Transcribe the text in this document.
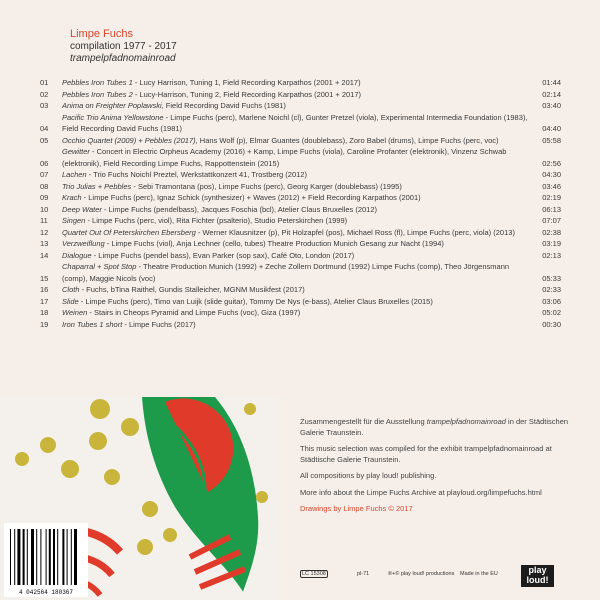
Limpe Fuchs
compilation 1977 - 2017
trampelpfadnomainroad
01	Pebbles Iron Tubes 1 - Lucy Harrison, Tuning 1, Field Recording Karpathos (2001 + 2017)	01:44
02	Pebbles Iron Tubes 2 - Lucy-Harrison, Tuning 2, Field Recording Karpathos (2001 + 2017)	02:14
03	Anima on Freighter Poplawski, Field Recording David Fuchs (1981)	03:40
04
Pacific Trio Anima Yellowstone - Limpe Fuchs (perc), Marlene Noichl (cl), Gunter Pretzel (viola), Experimental Intermedia Foundation (1983), Field Recording David Fuchs (1981)	04:40
05	Occhio Quartet (2009) + Pebbles (2017), Hans Wolf (p), Elmar Guantes (doublebass), Zoro Babel (drums), Limpe Fuchs (perc, voc)	05:58
06
Gewitter - Concert in Electric Orpheus Academy (2016) + Kamp, Limpe Fuchs (viola), Caroline Profanter (elektronik), Vinzenz Schwab (elektronik), Field Recording Limpe Fuchs, Rappottenstein (2015)	02:56
07	Lachen - Trio Fuchs Noichl Preztel, Werkstattkonzert 41, Trostberg (2012)	04:30
08	Trio Julias + Pebbles - Sebi Tramontana (pos), Limpe Fuchs (perc), Georg Karger (doublebass) (1995)	03:46
09	Krach - Limpe Fuchs (perc), Ignaz Schick (synthesizer) + Waves (2012) + Field Recording Karpathos (2001)	02:19
10	Deep Water - Limpe Fuchs (pendelbass), Jacques Foschia (bcl), Atelier Claus Bruxelles (2012)	06:13
11	Singen - Limpe Fuchs (perc, viol), Rita Fichter (psalterio), Studio Peterskirchen (1999)	07:07
12	Quartet Out Of Peterskirchen Ebersberg - Werner Klausnitzer (p), Pit Holzapfel (pos), Michael Ross (fl), Limpe Fuchs (perc, viola) (2013)	02:38
13	Verzweiflung - Limpe Fuchs (viol), Anja Lechner (cello, tubes) Theatre Production Munich Gesang zur Nacht (1994)	03:19
14	Dialogue - Limpe Fuchs (pendel bass), Evan Parker (sop sax), Café Oto, London (2017)	02:13
15
Chaparral + Spot Stop - Theatre Production Munich (1992) + Zeche Zollern Dortmund (1992) Limpe Fuchs (comp), Theo Jörgensmann (comp), Maggie Nicols (voc)	05:33
16	Cloth - Fuchs, bTina Raithel, Gundis Stalleicher, MGNM Musikfest (2017)	02:33
17	Slide - Limpe Fuchs (perc), Timo van Luijk (slide guitar), Tommy De Nys (e-bass), Atelier Claus Bruxelles (2015)	03:06
18	Weinen - Stairs in Cheops Pyramid and Limpe Fuchs (voc), Giza (1997)	05:02
19	Iron Tubes 1 short - Limpe Fuchs (2017)	00:30
4 042564 180367

Zusammengestellt für die Ausstellung trampelpfadnomainroad in der Städtischen Galerie Traunstein.

This music selection was compiled for the exhibit trampelpfadnomainroad at Städtische Galerie Traunstein.

All compositions by play loud! publishing.

More info about the Limpe Fuchs Archive at playloud.org/limpefuchs.html

Drawings by Limpe Fuchs © 2017
LC 15308	pl-71	℗+© play loud! productions Made in the EU	play
loud!
